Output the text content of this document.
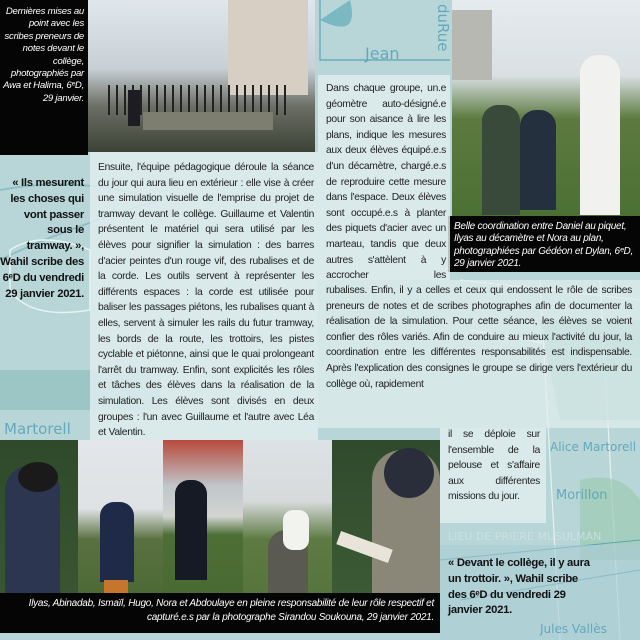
Jean
duRue
Martorell
Alice Martorell
Morillon
LIEU DE PRIERE MUSULMAN
Dernières mises au point avec les scribes preneurs de notes devant le collège, photographiés par Awa et Halima, 6ᵉD, 29 janvier.
Belle coordination entre Daniel au piquet, Ilyas au décamètre et Nora au plan, photographiées par Gédéon et Dylan, 6ᵉD, 29 janvier 2021.
« Ils mesurent les choses qui vont passer sous le tramway. », Wahil scribe des 6ᵉD du vendredi 29 janvier 2021.
Ensuite, l'équipe pédagogique déroule la séance du jour qui aura lieu en extérieur : elle vise à créer une simulation visuelle de l'emprise du projet de tramway devant le collège. Guillaume et Valentin présentent le matériel qui sera utilisé par les élèves pour signifier la simulation : des barres d'acier peintes d'un rouge vif, des rubalises et de la corde. Les outils servent à représenter les différents espaces : la corde est utilisée pour baliser les passages piétons, les rubalises quant à elles, servent à simuler les rails du futur tramway, les bords de la route, les trottoirs, les pistes cyclable et piétonne, ainsi que le quai prolongeant l'arrêt du tramway. Enfin, sont explicités les rôles et tâches des élèves dans la réalisation de la simulation. Les élèves sont divisés en deux groupes : l'un avec Guillaume et l'autre avec Léa et Valentin.
Dans chaque groupe, un.e géomètre auto-désigné.e pour son aisance à lire les plans, indique les mesures aux deux élèves équipé.e.s d'un décamètre, chargé.e.s de reproduire cette mesure dans l'espace. Deux élèves sont occupé.e.s à planter des piquets d'acier avec un marteau, tandis que deux autres s'attèlent à y accrocher les
rubalises. Enfin, il y a celles et ceux qui endossent le rôle de scribes preneurs de notes et de scribes photographes afin de documenter la réalisation de la simulation. Pour cette séance, les élèves se voient confier des rôles variés. Afin de conduire au mieux l'activité du jour, la coordination entre les différentes responsabilités est indispensable. Après l'explication des consignes le groupe se dirige vers l'extérieur du collège où, rapidement
il se déploie sur l'ensemble de la pelouse et s'affaire aux différentes missions du jour.
Ilyas, Abinadab, Ismaïl, Hugo, Nora et Abdoulaye en pleine responsabilité de leur rôle respectif et capturé.e.s par la photographe Sirandou Soukouna, 29 janvier 2021.
« Devant le collège, il y aura un trottoir. », Wahil scribe des 6ᵉD du vendredi 29 janvier 2021.
Jules Vallès
